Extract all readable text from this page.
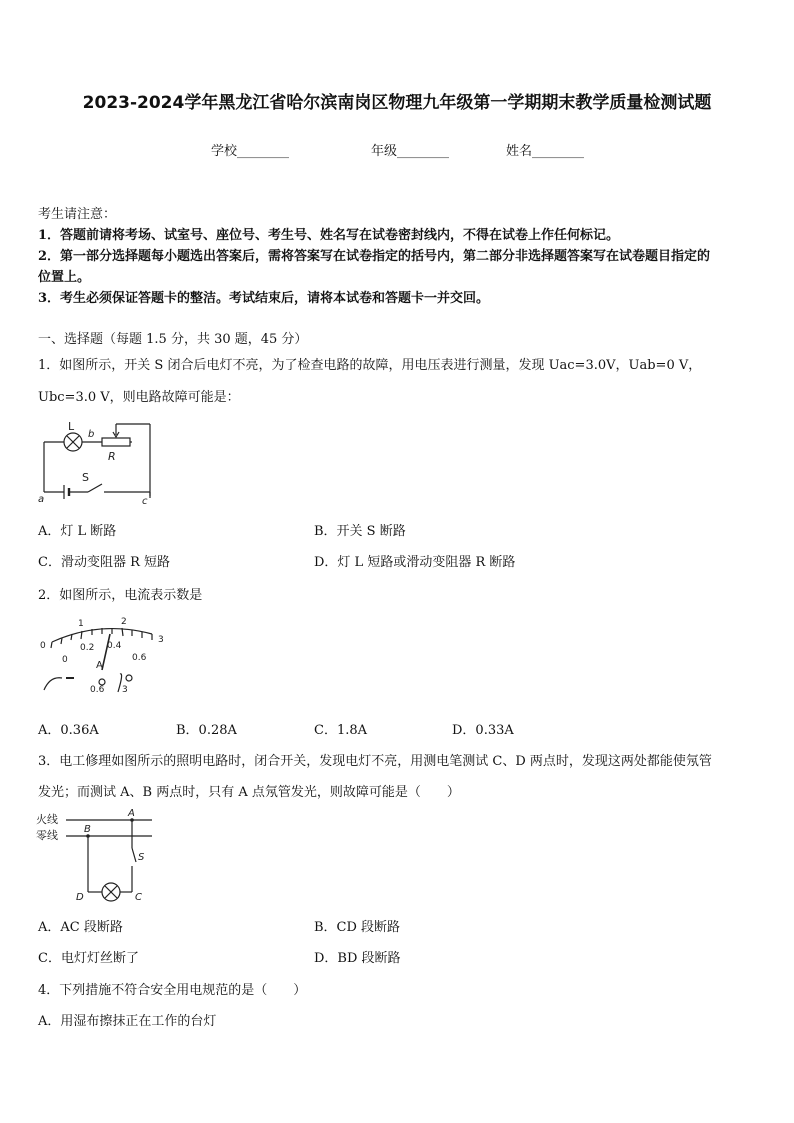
2023-2024学年黑龙江省哈尔滨南岗区物理九年级第一学期期末教学质量检测试题
学校________	年级________	姓名________
考生请注意：
1．答题前请将考场、试室号、座位号、考生号、姓名写在试卷密封线内，不得在试卷上作任何标记。
2．第一部分选择题每小题选出答案后，需将答案写在试卷指定的括号内，第二部分非选择题答案写在试卷题目指定的
位置上。
3．考生必须保证答题卡的整洁。考试结束后，请将本试卷和答题卡一并交回。
一、选择题（每题 1.5 分，共 30 题，45 分）
1．如图所示，开关 S 闭合后电灯不亮，为了检查电路的故障，用电压表进行测量，发现 Uac=3.0V，Uab=0 V，
Ubc=3.0 V，则电路故障可能是：
L
b
R
S
a	c
A．灯 L 断路	B．开关 S 断路
C．滑动变阻器 R 短路	D．灯 L 短路或滑动变阻器 R 断路
2．如图所示，电流表示数是
0
1	2
3
0
0.2 0.4
0.6
A
0.6 3
A．0.36A	B．0.28A	C．1.8A	D．0.33A
3．电工修理如图所示的照明电路时，闭合开关，发现电灯不亮，用测电笔测试 C、D 两点时，发现这两处都能使氖管
发光；而测试 A、B 两点时，只有 A 点氖管发光，则故障可能是（　　）
火线
零线
A
B
S
C
D
A．AC 段断路	B．CD 段断路
C．电灯灯丝断了	D．BD 段断路
4．下列措施不符合安全用电规范的是（　　）
A．用湿布擦抹正在工作的台灯
